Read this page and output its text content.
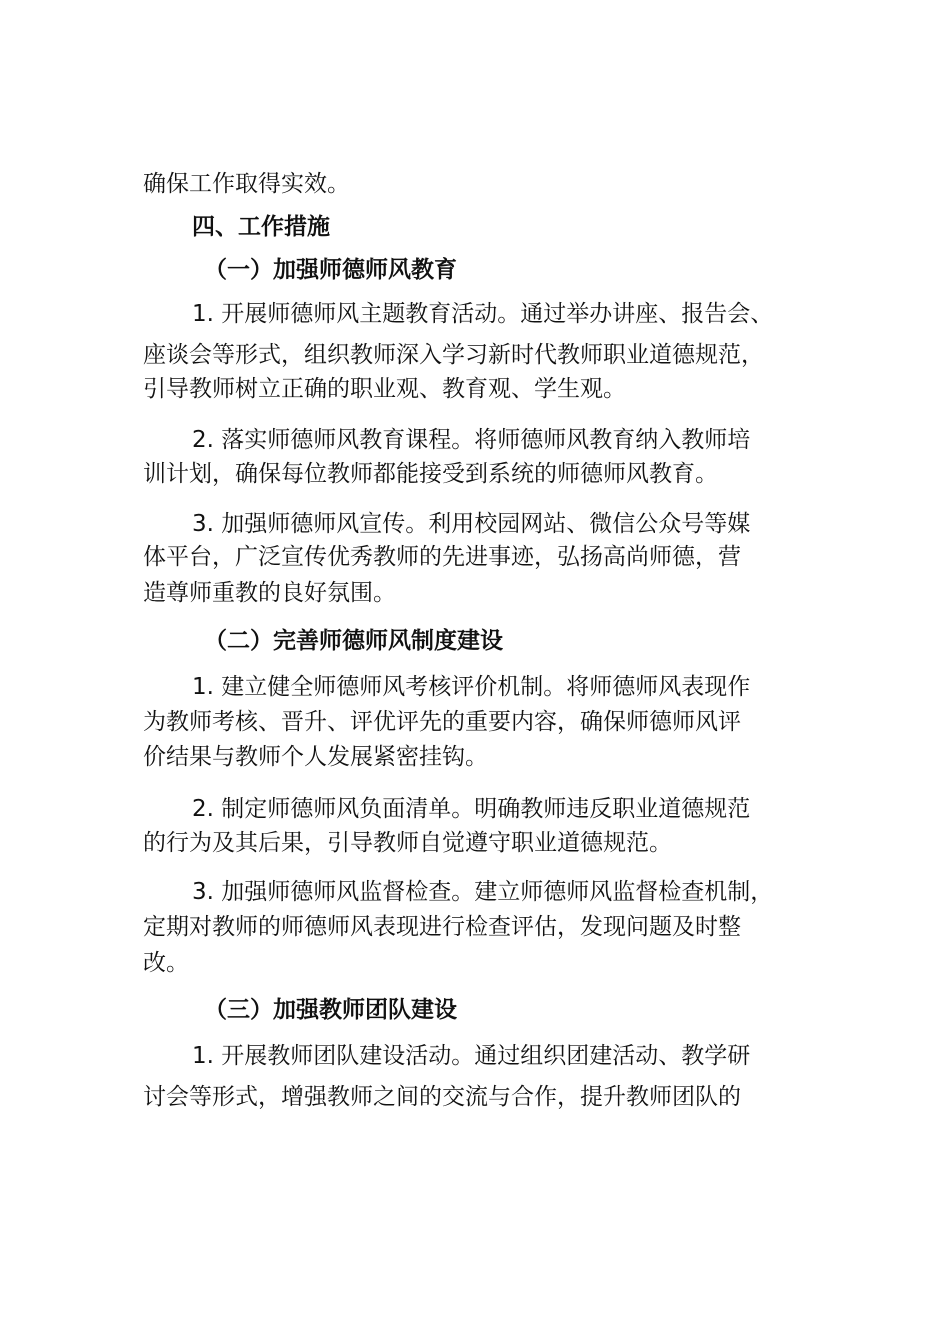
确保工作取得实效。

四、工作措施

（一）加强师德师风教育

1. 开展师德师风主题教育活动。通过举办讲座、报告会、

座谈会等形式，组织教师深入学习新时代教师职业道德规范，

引导教师树立正确的职业观、教育观、学生观。

2. 落实师德师风教育课程。将师德师风教育纳入教师培

训计划，确保每位教师都能接受到系统的师德师风教育。

3. 加强师德师风宣传。利用校园网站、微信公众号等媒

体平台，广泛宣传优秀教师的先进事迹，弘扬高尚师德，营

造尊师重教的良好氛围。

（二）完善师德师风制度建设

1. 建立健全师德师风考核评价机制。将师德师风表现作

为教师考核、晋升、评优评先的重要内容，确保师德师风评

价结果与教师个人发展紧密挂钩。

2. 制定师德师风负面清单。明确教师违反职业道德规范

的行为及其后果，引导教师自觉遵守职业道德规范。

3. 加强师德师风监督检查。建立师德师风监督检查机制，

定期对教师的师德师风表现进行检查评估，发现问题及时整

改。

（三）加强教师团队建设

1. 开展教师团队建设活动。通过组织团建活动、教学研

讨会等形式，增强教师之间的交流与合作，提升教师团队的
